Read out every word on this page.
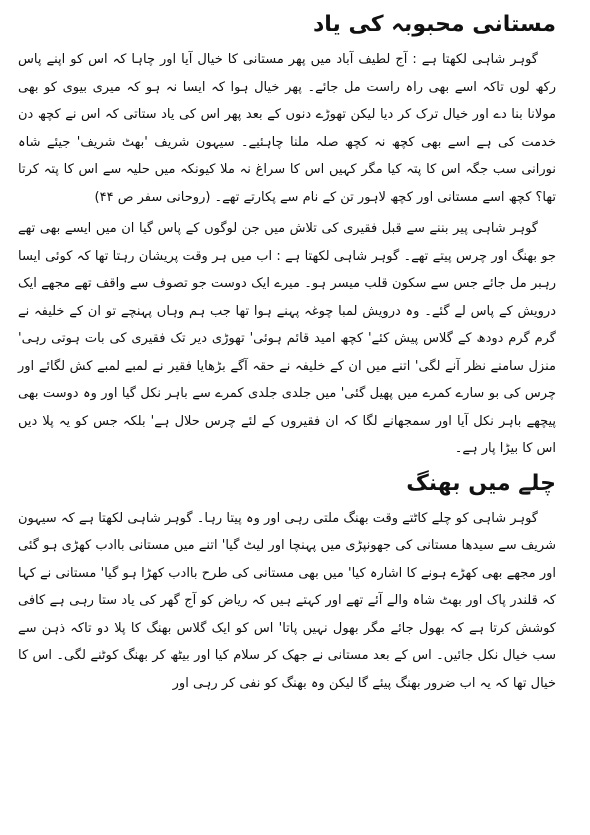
مستانی محبوبہ کی یاد

گوہر شاہی لکھتا ہے : آج لطیف آباد میں پھر مستانی کا خیال آیا اور چاہا کہ اس کو اپنے پاس رکھ لوں تاکہ اسے بھی راہ راست مل جائے۔ پھر خیال ہوا کہ ایسا نہ ہو کہ میری بیوی کو بھی مولانا بنا دے اور خیال ترک کر دیا لیکن تھوڑے دنوں کے بعد پھر اس کی یاد ستاتی کہ اس نے کچھ دن خدمت کی ہے اسے بھی کچھ نہ کچھ صلہ ملنا چاہئیے۔ سیہون شریف 'بھٹ شریف' جیئے شاہ نورانی سب جگہ اس کا پتہ کیا مگر کہیں اس کا سراغ نہ ملا کیونکہ میں حلیہ سے اس کا پتہ کرتا تھا؟ کچھ اسے مستانی اور کچھ لاہور تن کے نام سے پکارتے تھے۔ (روحانی سفر ص ۴۴)

گوہر شاہی پیر بننے سے قبل فقیری کی تلاش میں جن لوگوں کے پاس گیا ان میں ایسے بھی تھے جو بھنگ اور چرس پیتے تھے۔ گوہر شاہی لکھتا ہے : اب میں ہر وقت پریشان رہتا تھا کہ کوئی ایسا رہبر مل جائے جس سے سکون قلب میسر ہو۔ میرے ایک دوست جو تصوف سے واقف تھے مجھے ایک درویش کے پاس لے گئے۔ وہ درویش لمبا چوغہ پہنے ہوا تھا جب ہم وہاں پہنچے تو ان کے خلیفہ نے گرم گرم دودھ کے گلاس پیش کئے' کچھ امید قائم ہوئی' تھوڑی دیر تک فقیری کی بات ہوتی رہی' منزل سامنے نظر آنے لگی' اتنے میں ان کے خلیفہ نے حقہ آگے بڑھایا فقیر نے لمبے لمبے کش لگائے اور چرس کی بو سارے کمرے میں پھیل گئی' میں جلدی جلدی کمرے سے باہر نکل گیا اور وہ دوست بھی پیچھے باہر نکل آیا اور سمجھانے لگا کہ ان فقیروں کے لئے چرس حلال ہے' بلکہ جس کو یہ پلا دیں اس کا بیڑا پار ہے۔

چلے میں بھنگ

گوہر شاہی کو چلے کاٹتے وقت بھنگ ملتی رہی اور وہ پیتا رہا۔ گوہر شاہی لکھتا ہے کہ سیہون شریف سے سیدھا مستانی کی جھونپڑی میں پہنچا اور لیٹ گیا' اتنے میں مستانی باادب کھڑی ہو گئی اور مجھے بھی کھڑے ہونے کا اشارہ کیا' میں بھی مستانی کی طرح باادب کھڑا ہو گیا' مستانی نے کہا کہ قلندر پاک اور بھٹ شاہ والے آئے تھے اور کہتے ہیں کہ ریاض کو آج گھر کی یاد ستا رہی ہے کافی کوشش کرتا ہے کہ بھول جائے مگر بھول نہیں پاتا' اس کو ایک گلاس بھنگ کا پلا دو تاکہ ذہن سے سب خیال نکل جائیں۔ اس کے بعد مستانی نے جھک کر سلام کیا اور بیٹھ کر بھنگ کوٹنے لگی۔ اس کا خیال تھا کہ یہ اب ضرور بھنگ پیئے گا لیکن وہ بھنگ کو نفی کر رہی اور
